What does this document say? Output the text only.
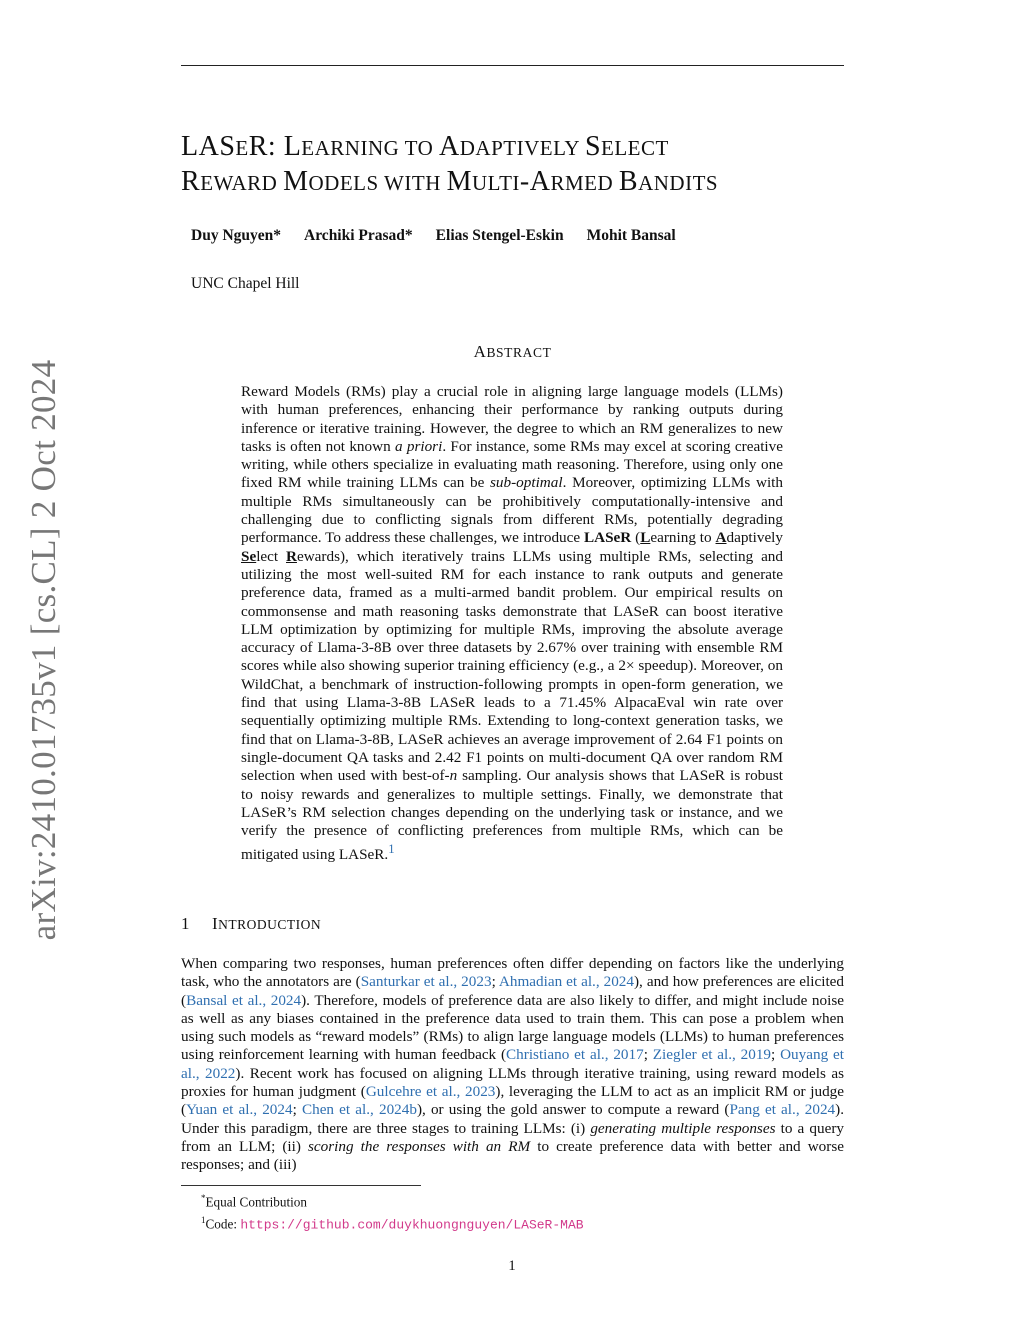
arXiv:2410.01735v1 [cs.CL] 2 Oct 2024
LASER: LEARNING TO ADAPTIVELY SELECT
REWARD MODELS WITH MULTI-ARMED BANDITS
Duy Nguyen* Archiki Prasad* Elias Stengel-Eskin Mohit Bansal
UNC Chapel Hill
ABSTRACT
Reward Models (RMs) play a crucial role in aligning large language models (LLMs) with human preferences, enhancing their performance by ranking outputs during inference or iterative training. However, the degree to which an RM generalizes to new tasks is often not known a priori. For instance, some RMs may excel at scoring creative writing, while others specialize in evaluating math reasoning. Therefore, using only one fixed RM while training LLMs can be sub-optimal. Moreover, optimizing LLMs with multiple RMs simultaneously can be prohibitively computationally-intensive and challenging due to conflicting signals from different RMs, potentially degrading performance. To address these challenges, we introduce LASeR (Learning to Adaptively Select Rewards), which iteratively trains LLMs using multiple RMs, selecting and utilizing the most well-suited RM for each instance to rank outputs and generate preference data, framed as a multi-armed bandit problem. Our empirical results on commonsense and math reasoning tasks demonstrate that LASeR can boost iterative LLM optimization by optimizing for multiple RMs, improving the absolute average accuracy of Llama-3-8B over three datasets by 2.67% over training with ensemble RM scores while also showing superior training efficiency (e.g., a 2× speedup). Moreover, on WildChat, a benchmark of instruction-following prompts in open-form generation, we find that using Llama-3-8B LASeR leads to a 71.45% AlpacaEval win rate over sequentially optimizing multiple RMs. Extending to long-context generation tasks, we find that on Llama-3-8B, LASeR achieves an average improvement of 2.64 F1 points on single-document QA tasks and 2.42 F1 points on multi-document QA over random RM selection when used with best-of-n sampling. Our analysis shows that LASeR is robust to noisy rewards and generalizes to multiple settings. Finally, we demonstrate that LASeR’s RM selection changes depending on the underlying task or instance, and we verify the presence of conflicting preferences from multiple RMs, which can be mitigated using LASeR.$^1$
1 INTRODUCTION
When comparing two responses, human preferences often differ depending on factors like the underlying task, who the annotators are (Santurkar et al., 2023; Ahmadian et al., 2024), and how preferences are elicited (Bansal et al., 2024). Therefore, models of preference data are also likely to differ, and might include noise as well as any biases contained in the preference data used to train them. This can pose a problem when using such models as “reward models” (RMs) to align large language models (LLMs) to human preferences using reinforcement learning with human feedback (Christiano et al., 2017; Ziegler et al., 2019; Ouyang et al., 2022). Recent work has focused on aligning LLMs through iterative training, using reward models as proxies for human judgment (Gulcehre et al., 2023), leveraging the LLM to act as an implicit RM or judge (Yuan et al., 2024; Chen et al., 2024b), or using the gold answer to compute a reward (Pang et al., 2024). Under this paradigm, there are three stages to training LLMs: (i) generating multiple responses to a query from an LLM; (ii) scoring the responses with an RM to create preference data with better and worse responses; and (iii)
*Equal Contribution
$^1$Code: https://github.com/duykhuongnguyen/LASeR-MAB
1
